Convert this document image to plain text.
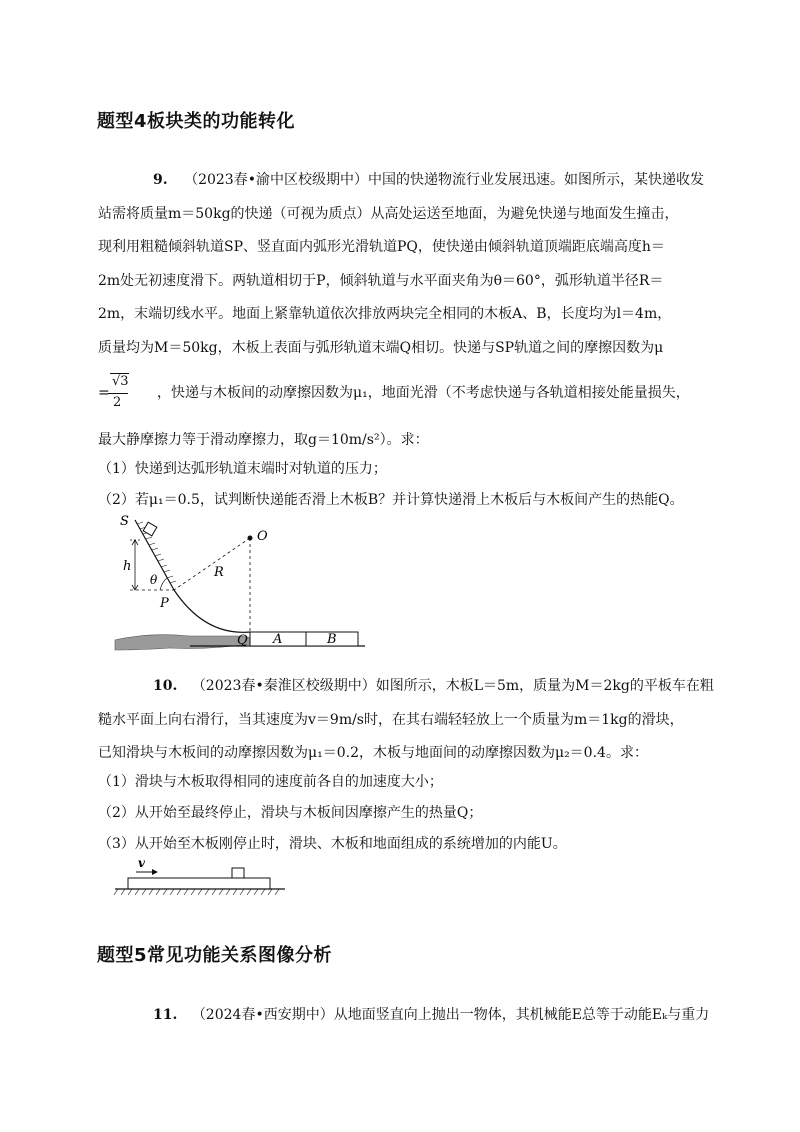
题型4板块类的功能转化
9. （2023春•渝中区校级期中）中国的快递物流行业发展迅速。如图所示，某快递收发
站需将质量m＝50kg的快递（可视为质点）从高处运送至地面，为避免快递与地面发生撞击，
现利用粗糙倾斜轨道SP、竖直面内弧形光滑轨道PQ，使快递由倾斜轨道顶端距底端高度h＝
2m处无初速度滑下。两轨道相切于P，倾斜轨道与水平面夹角为θ＝60°，弧形轨道半径R＝
2m，末端切线水平。地面上紧靠轨道依次排放两块完全相同的木板A、B，长度均为l＝4m，
质量均为M＝50kg，木板上表面与弧形轨道末端Q相切。快递与SP轨道之间的摩擦因数为μ
=
√3
2
，快递与木板间的动摩擦因数为μ₁，地面光滑（不考虑快递与各轨道相接处能量损失，
最大静摩擦力等于滑动摩擦力，取g＝10m/s²）。求：
（1）快递到达弧形轨道末端时对轨道的压力；
（2）若μ₁＝0.5，试判断快递能否滑上木板B？并计算快递滑上木板后与木板间产生的热能Q。
S
O
h
θ	R
P
Q A	B
10. （2023春•秦淮区校级期中）如图所示，木板L＝5m，质量为M＝2kg的平板车在粗
糙水平面上向右滑行，当其速度为v＝9m/s时，在其右端轻轻放上一个质量为m＝1kg的滑块，
已知滑块与木板间的动摩擦因数为μ₁＝0.2，木板与地面间的动摩擦因数为μ₂＝0.4。求：
（1）滑块与木板取得相同的速度前各自的加速度大小；
（2）从开始至最终停止，滑块与木板间因摩擦产生的热量Q；
（3）从开始至木板刚停止时，滑块、木板和地面组成的系统增加的内能U。
v
题型5常见功能关系图像分析
11. （2024春•西安期中）从地面竖直向上抛出一物体，其机械能E总等于动能Eₖ与重力
